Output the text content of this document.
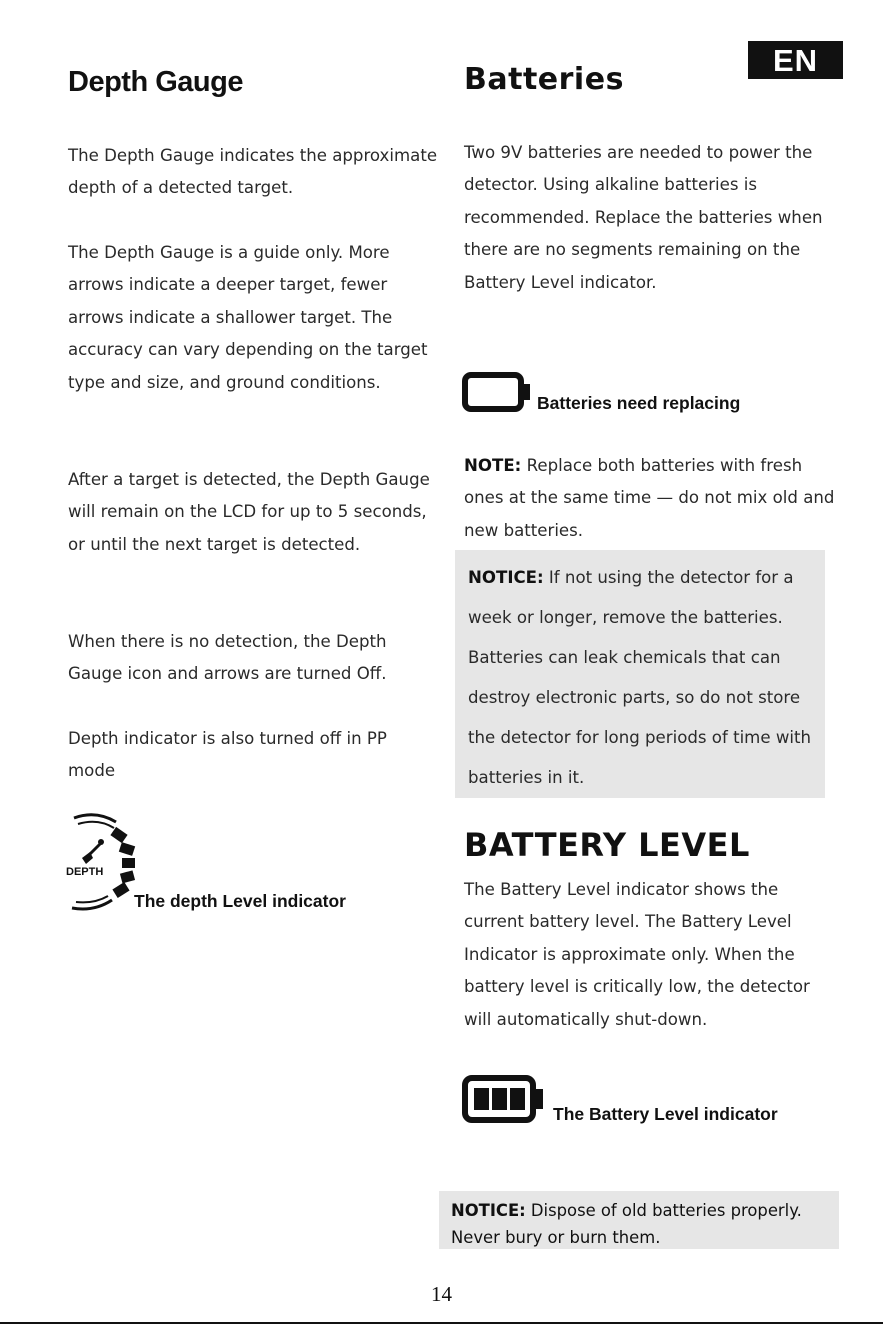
EN
Depth Gauge

The Depth Gauge indicates the approximate depth of a detected target.

The Depth Gauge is a guide only. More arrows indicate a deeper target, fewer arrows indicate a shallower target. The accuracy can vary depending on the target type and size, and ground conditions.

After a target is detected, the Depth Gauge will remain on the LCD for up to 5 seconds, or until the next target is detected.

When there is no detection, the Depth Gauge icon and arrows are turned Off.

Depth indicator is also turned off in PP mode

DEPTH
The depth Level indicator
Batteries

Two 9V batteries are needed to power the detector. Using alkaline batteries is recommended. Replace the batteries when there are no segments remaining on the Battery Level indicator.

Batteries need replacing

NOTE: Replace both batteries with fresh ones at the same time — do not mix old and new batteries.

NOTICE: If not using the detector for a week or longer, remove the batteries. Batteries can leak chemicals that can destroy electronic parts, so do not store the detector for long periods of time with batteries in it.
BATTERY LEVEL

The Battery Level indicator shows the current battery level. The Battery Level Indicator is approximate only. When the battery level is critically low, the detector will automatically shut-down.

The Battery Level indicator
NOTICE: Dispose of old batteries properly. Never bury or burn them.
14
